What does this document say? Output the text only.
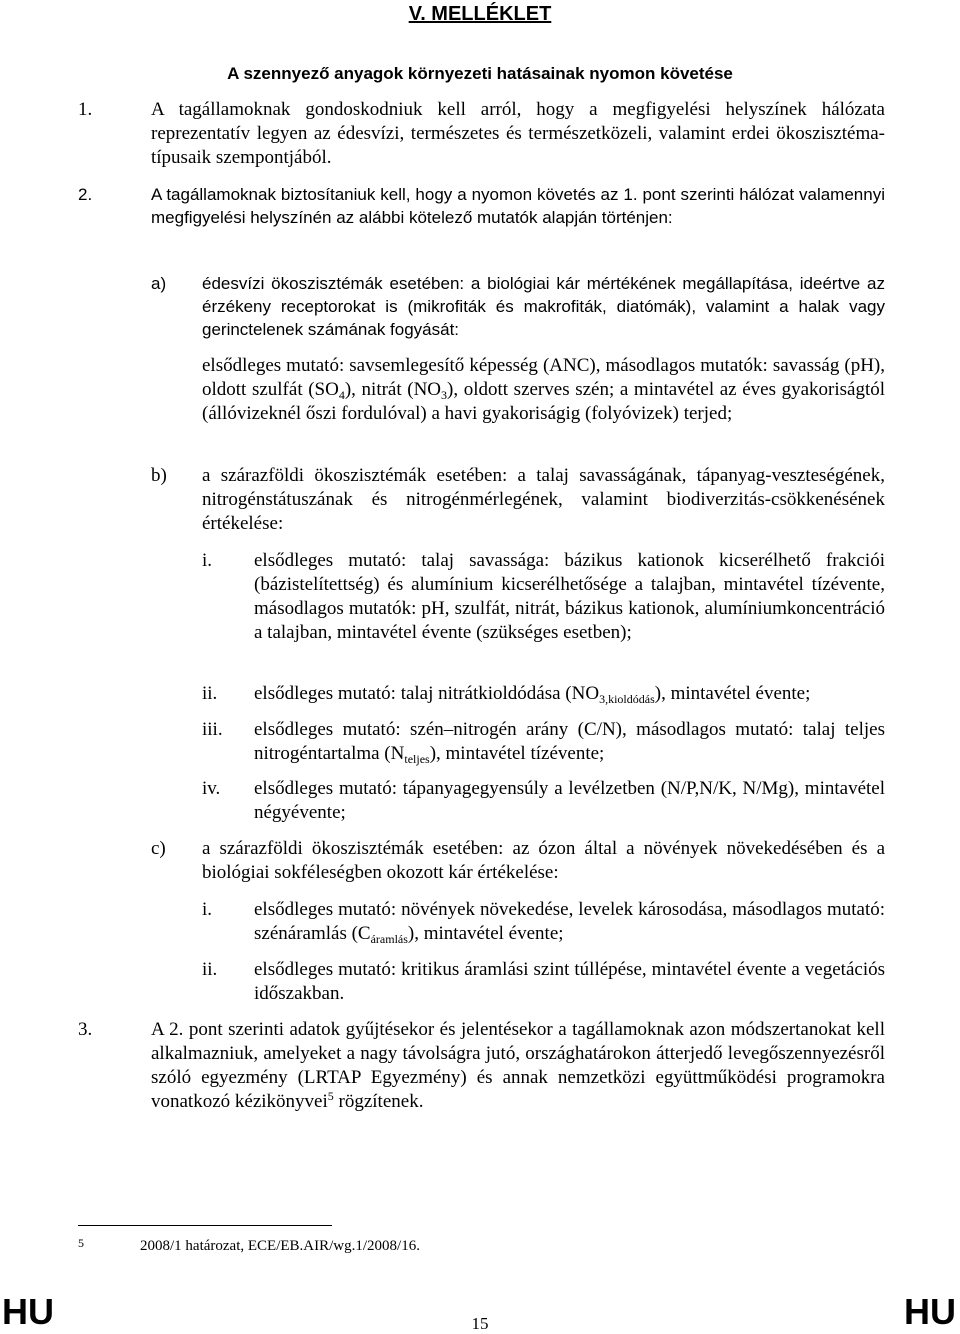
V. MELLÉKLET
A szennyező anyagok környezeti hatásainak nyomon követése
1.	A tagállamoknak gondoskodniuk kell arról, hogy a megfigyelési helyszínek hálózata reprezentatív legyen az édesvízi, természetes és természetközeli, valamint erdei ökoszisztéma-típusaik szempontjából.
2.	A tagállamoknak biztosítaniuk kell, hogy a nyomon követés az 1. pont szerinti hálózat valamennyi megfigyelési helyszínén az alábbi kötelező mutatók alapján történjen:
a) édesvízi ökoszisztémák esetében: a biológiai kár mértékének megállapítása, ideértve az érzékeny receptorokat is (mikrofiták és makrofiták, diatómák), valamint a halak vagy gerinctelenek számának fogyását:
elsődleges mutató: savsemlegesítő képesség (ANC), másodlagos mutatók: savasság (pH), oldott szulfát $(SO_4)$, nitrát $(NO_3)$, oldott szerves szén; a mintavétel az éves gyakoriságtól (állóvizeknél őszi fordulóval) a havi gyakoriságig (folyóvizek) terjed;
b) a szárazföldi ökoszisztémák esetében: a talaj savasságának, tápanyag-veszteségének, nitrogénstátuszának és nitrogénmérlegének, valamint biodiverzitás-csökkenésének értékelése:
i. elsődleges mutató: talaj savassága: bázikus kationok kicserélhető frakciói (bázistelítettség) és alumínium kicserélhetősége a talajban, mintavétel tízévente, másodlagos mutatók: pH, szulfát, nitrát, bázikus kationok, alumíniumkoncentráció a talajban, mintavétel évente (szükséges esetben);
ii. elsődleges mutató: talaj nitrátkioldódása $(NO_{3,kioldódás})$, mintavétel évente;
iii. elsődleges mutató: szén–nitrogén arány (C/N), másodlagos mutató: talaj teljes nitrogéntartalma $(N_{teljes})$, mintavétel tízévente;
iv. elsődleges mutató: tápanyagegyensúly a levélzetben (N/P,N/K, N/Mg), mintavétel négyévente;
c) a szárazföldi ökoszisztémák esetében: az ózon által a növények növekedésében és a biológiai sokféleségben okozott kár értékelése:
i. elsődleges mutató: növények növekedése, levelek károsodása, másodlagos mutató: szénáramlás $(C_{áramlás})$, mintavétel évente;
ii. elsődleges mutató: kritikus áramlási szint túllépése, mintavétel évente a vegetációs időszakban.
3.	A 2. pont szerinti adatok gyűjtésekor és jelentésekor a tagállamoknak azon módszertanokat kell alkalmazniuk, amelyeket a nagy távolságra jutó, országhatárokon átterjedő levegőszennyezésről szóló egyezmény (LRTAP Egyezmény) és annak nemzetközi együttműködési programokra vonatkozó kézikönyvei$^5$ rögzítenek.
5	2008/1 határozat, ECE/EB.AIR/wg.1/2008/16.
HU	HU
15
